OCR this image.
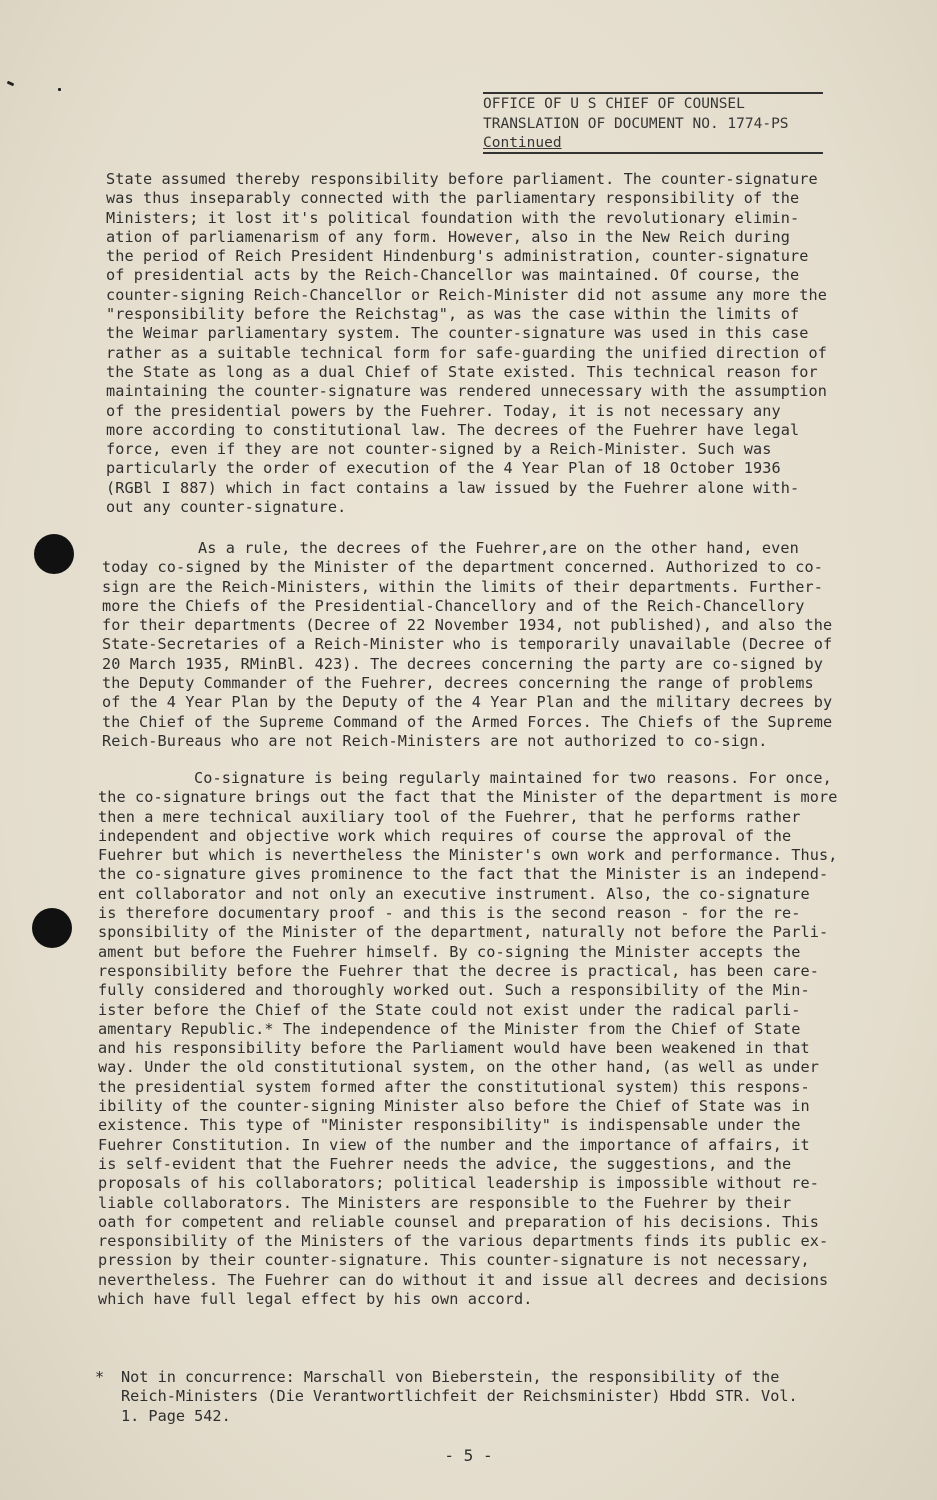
OFFICE OF U S CHIEF OF COUNSEL
TRANSLATION OF DOCUMENT NO. 1774-PS
Continued
State assumed thereby responsibility before parliament. The counter-signature
was thus inseparably connected with the parliamentary responsibility of the
Ministers; it lost it's political foundation with the revolutionary elimin-
ation of parliamenarism of any form. However, also in the New Reich during
the period of Reich President Hindenburg's administration, counter-signature
of presidential acts by the Reich-Chancellor was maintained. Of course, the
counter-signing Reich-Chancellor or Reich-Minister did not assume any more the
"responsibility before the Reichstag", as was the case within the limits of
the Weimar parliamentary system. The counter-signature was used in this case
rather as a suitable technical form for safe-guarding the unified direction of
the State as long as a dual Chief of State existed. This technical reason for
maintaining the counter-signature was rendered unnecessary with the assumption
of the presidential powers by the Fuehrer. Today, it is not necessary any
more according to constitutional law. The decrees of the Fuehrer have legal
force, even if they are not counter-signed by a Reich-Minister. Such was
particularly the order of execution of the 4 Year Plan of 18 October 1936
(RGBl I 887) which in fact contains a law issued by the Fuehrer alone with-
out any counter-signature.
As a rule, the decrees of the Fuehrer,are on the other hand, even
today co-signed by the Minister of the department concerned. Authorized to co-
sign are the Reich-Ministers, within the limits of their departments. Further-
more the Chiefs of the Presidential-Chancellory and of the Reich-Chancellory
for their departments (Decree of 22 November 1934, not published), and also the
State-Secretaries of a Reich-Minister who is temporarily unavailable (Decree of
20 March 1935, RMinBl. 423). The decrees concerning the party are co-signed by
the Deputy Commander of the Fuehrer, decrees concerning the range of problems
of the 4 Year Plan by the Deputy of the 4 Year Plan and the military decrees by
the Chief of the Supreme Command of the Armed Forces. The Chiefs of the Supreme
Reich-Bureaus who are not Reich-Ministers are not authorized to co-sign.
Co-signature is being regularly maintained for two reasons. For once,
the co-signature brings out the fact that the Minister of the department is more
then a mere technical auxiliary tool of the Fuehrer, that he performs rather
independent and objective work which requires of course the approval of the
Fuehrer but which is nevertheless the Minister's own work and performance. Thus,
the co-signature gives prominence to the fact that the Minister is an independ-
ent collaborator and not only an executive instrument. Also, the co-signature
is therefore documentary proof - and this is the second reason - for the re-
sponsibility of the Minister of the department, naturally not before the Parli-
ament but before the Fuehrer himself. By co-signing the Minister accepts the
responsibility before the Fuehrer that the decree is practical, has been care-
fully considered and thoroughly worked out. Such a responsibility of the Min-
ister before the Chief of the State could not exist under the radical parli-
amentary Republic.* The independence of the Minister from the Chief of State
and his responsibility before the Parliament would have been weakened in that
way. Under the old constitutional system, on the other hand, (as well as under
the presidential system formed after the constitutional system) this respons-
ibility of the counter-signing Minister also before the Chief of State was in
existence. This type of "Minister responsibility" is indispensable under the
Fuehrer Constitution. In view of the number and the importance of affairs, it
is self-evident that the Fuehrer needs the advice, the suggestions, and the
proposals of his collaborators; political leadership is impossible without re-
liable collaborators. The Ministers are responsible to the Fuehrer by their
oath for competent and reliable counsel and preparation of his decisions. This
responsibility of the Ministers of the various departments finds its public ex-
pression by their counter-signature. This counter-signature is not necessary,
nevertheless. The Fuehrer can do without it and issue all decrees and decisions
which have full legal effect by his own accord.
* Not in concurrence: Marschall von Bieberstein, the responsibility of the
Reich-Ministers (Die Verantwortlichfeit der Reichsminister) Hbdd STR. Vol.
1. Page 542.
- 5 -
